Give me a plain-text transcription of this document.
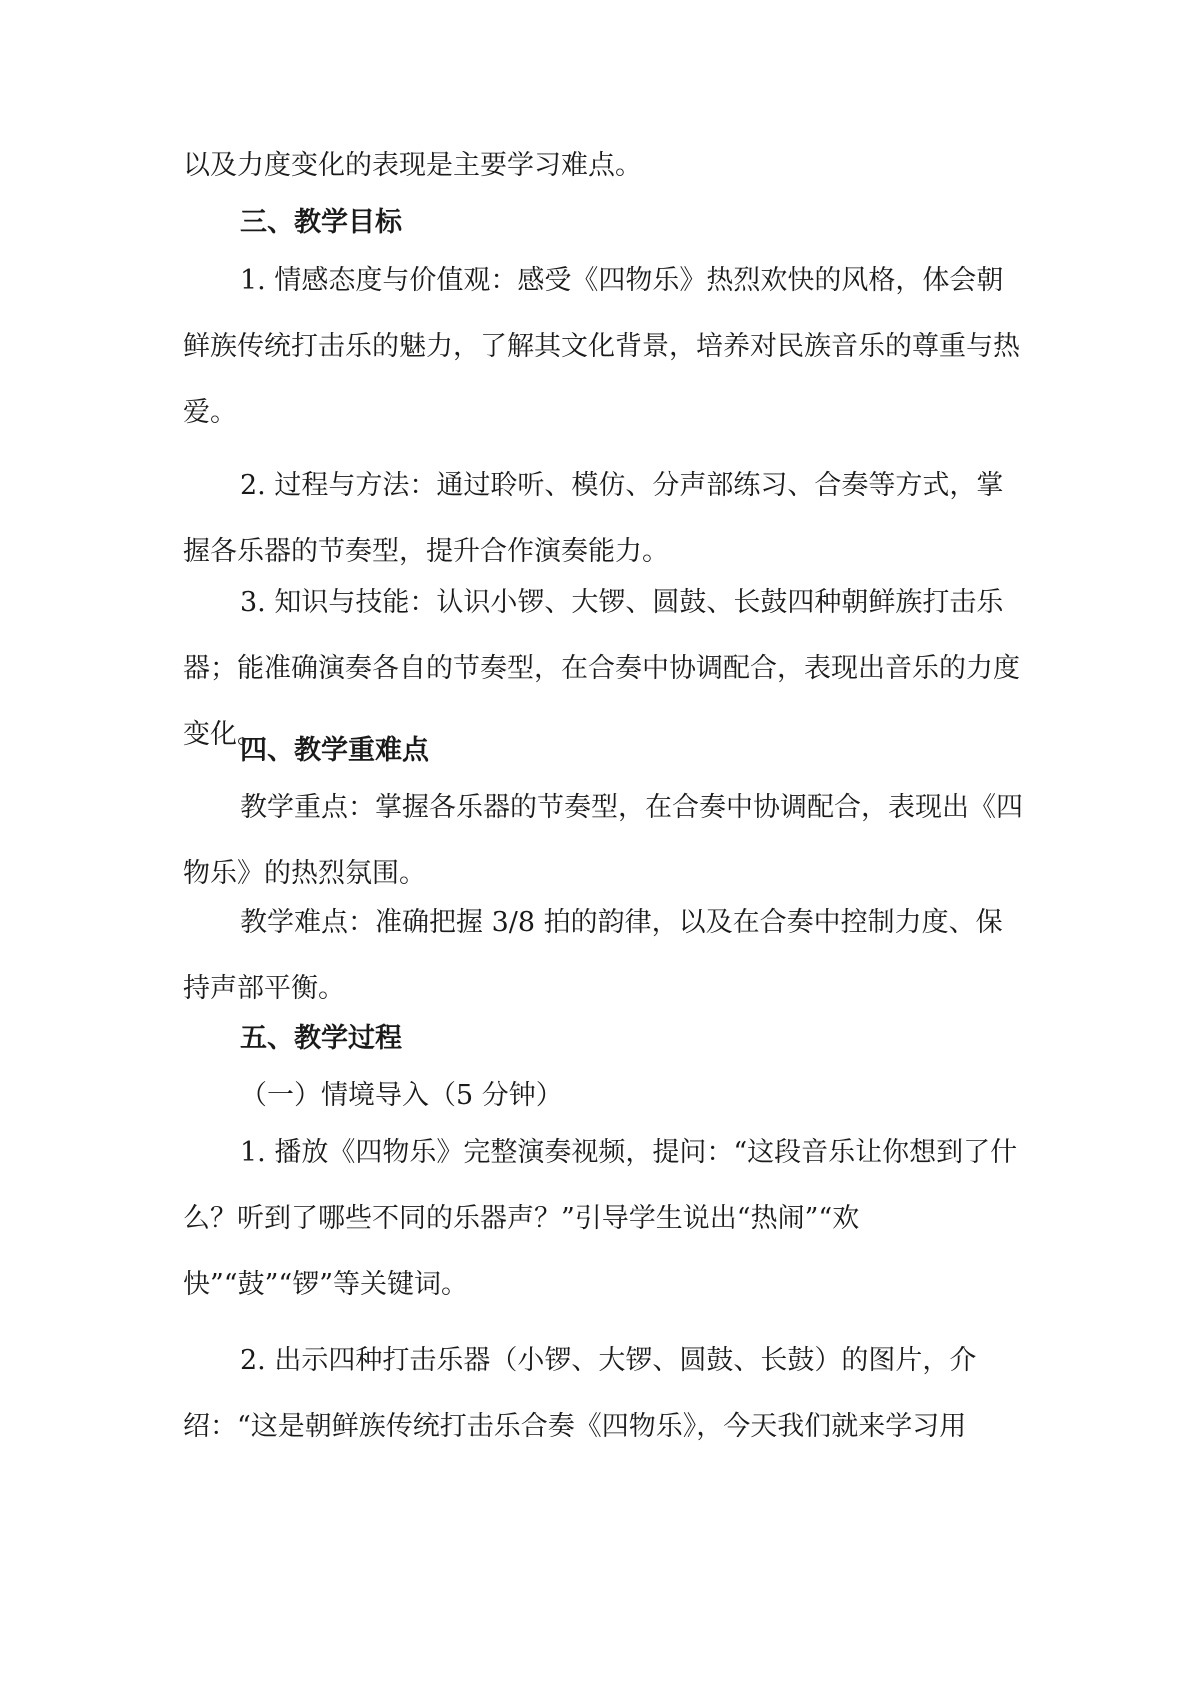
以及力度变化的表现是主要学习难点。

三、教学目标

1. 情感态度与价值观：感受《四物乐》热烈欢快的风格，体会朝鲜族传统打击乐的魅力，了解其文化背景，培养对民族音乐的尊重与热爱。

2. 过程与方法：通过聆听、模仿、分声部练习、合奏等方式，掌握各乐器的节奏型，提升合作演奏能力。

3. 知识与技能：认识小锣、大锣、圆鼓、长鼓四种朝鲜族打击乐器；能准确演奏各自的节奏型，在合奏中协调配合，表现出音乐的力度变化。

四、教学重难点

教学重点：掌握各乐器的节奏型，在合奏中协调配合，表现出《四物乐》的热烈氛围。

教学难点：准确把握 3/8 拍的韵律，以及在合奏中控制力度、保持声部平衡。

五、教学过程

（一）情境导入（5 分钟）

1. 播放《四物乐》完整演奏视频，提问：“这段音乐让你想到了什么？听到了哪些不同的乐器声？”引导学生说出“热闹”“欢快”“鼓”“锣”等关键词。

2. 出示四种打击乐器（小锣、大锣、圆鼓、长鼓）的图片，介绍：“这是朝鲜族传统打击乐合奏《四物乐》，今天我们就来学习用
